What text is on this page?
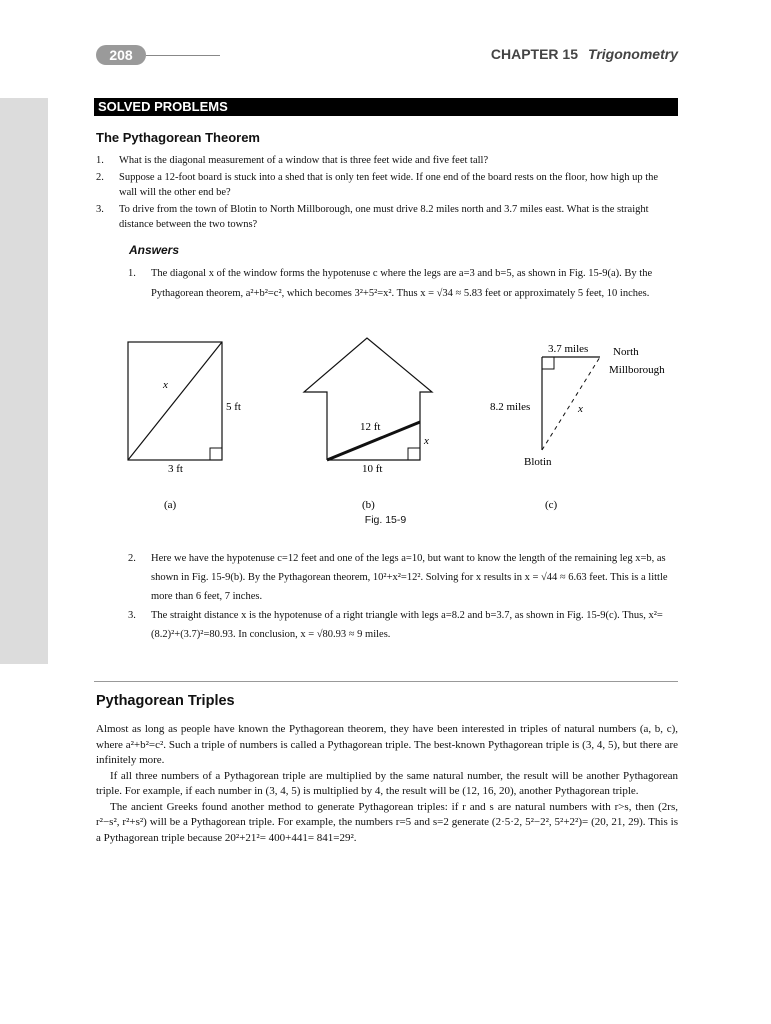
208	CHAPTER 15 Trigonometry
SOLVED PROBLEMS
The Pythagorean Theorem
1. What is the diagonal measurement of a window that is three feet wide and five feet tall?
2. Suppose a 12-foot board is stuck into a shed that is only ten feet wide. If one end of the board rests on the floor, how high up the wall will the other end be?
3. To drive from the town of Blotin to North Millborough, one must drive 8.2 miles north and 3.7 miles east. What is the straight distance between the two towns?
Answers
1. The diagonal x of the window forms the hypotenuse c where the legs are a=3 and b=5, as shown in Fig. 15-9(a). By the Pythagorean theorem, a²+b²=c², which becomes 3²+5²=x². Thus x = √34 ≈ 5.83 feet or approximately 5 feet, 10 inches.
x
5 ft
3 ft
(a)
12 ft
x
10 ft
(b)
3.7 miles North
Millborough
8.2 miles	x
Blotin
(c)
Fig. 15-9
2. Here we have the hypotenuse c=12 feet and one of the legs a=10, but want to know the length of the remaining leg x=b, as shown in Fig. 15-9(b). By the Pythagorean theorem, 10²+x²=12². Solving for x results in x = √44 ≈ 6.63 feet. This is a little more than 6 feet, 7 inches.
3. The straight distance x is the hypotenuse of a right triangle with legs a=8.2 and b=3.7, as shown in Fig. 15-9(c). Thus, x²=(8.2)²+(3.7)²=80.93. In conclusion, x = √80.93 ≈ 9 miles.
Pythagorean Triples

Almost as long as people have known the Pythagorean theorem, they have been interested in triples of natural numbers (a, b, c), where a²+b²=c². Such a triple of numbers is called a Pythagorean triple. The best-known Pythagorean triple is (3, 4, 5), but there are infinitely more.

If all three numbers of a Pythagorean triple are multiplied by the same natural number, the result will be another Pythagorean triple. For example, if each number in (3, 4, 5) is multiplied by 4, the result will be (12, 16, 20), another Pythagorean triple.

The ancient Greeks found another method to generate Pythagorean triples: if r and s are natural numbers with r>s, then (2rs, r²−s², r²+s²) will be a Pythagorean triple. For example, the numbers r=5 and s=2 generate (2·5·2, 5²−2², 5²+2²)= (20, 21, 29). This is a Pythagorean triple because 20²+21²= 400+441= 841=29².
